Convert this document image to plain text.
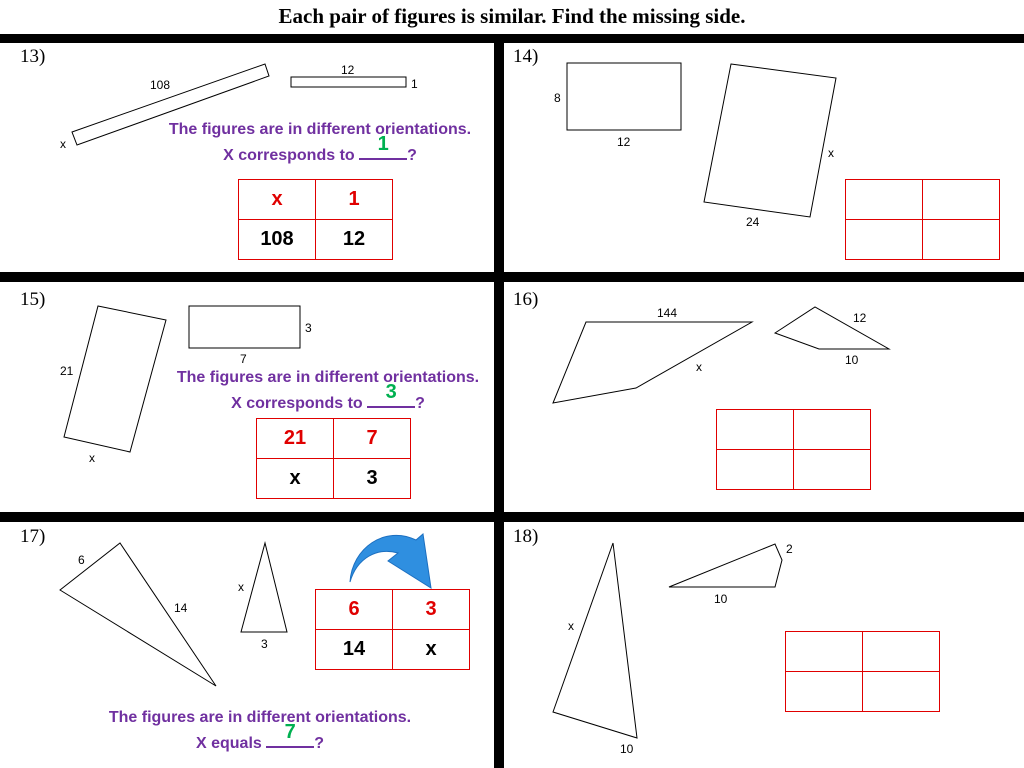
Each pair of figures is similar. Find the missing side.
13)
108
x
12
1
The figures are in different orientations.
X corresponds to
1
?
x	1
108	12
14)
8
12
x
24

15)
3
7
21
x
The figures are in different orientations.
X corresponds to
3
?
21	7
x	3
16)
144
x
12
10

17)
6
14
x
3
6	3
14	x
The figures are in different orientations.
X equals
7
?
18)
x
10
2
10
